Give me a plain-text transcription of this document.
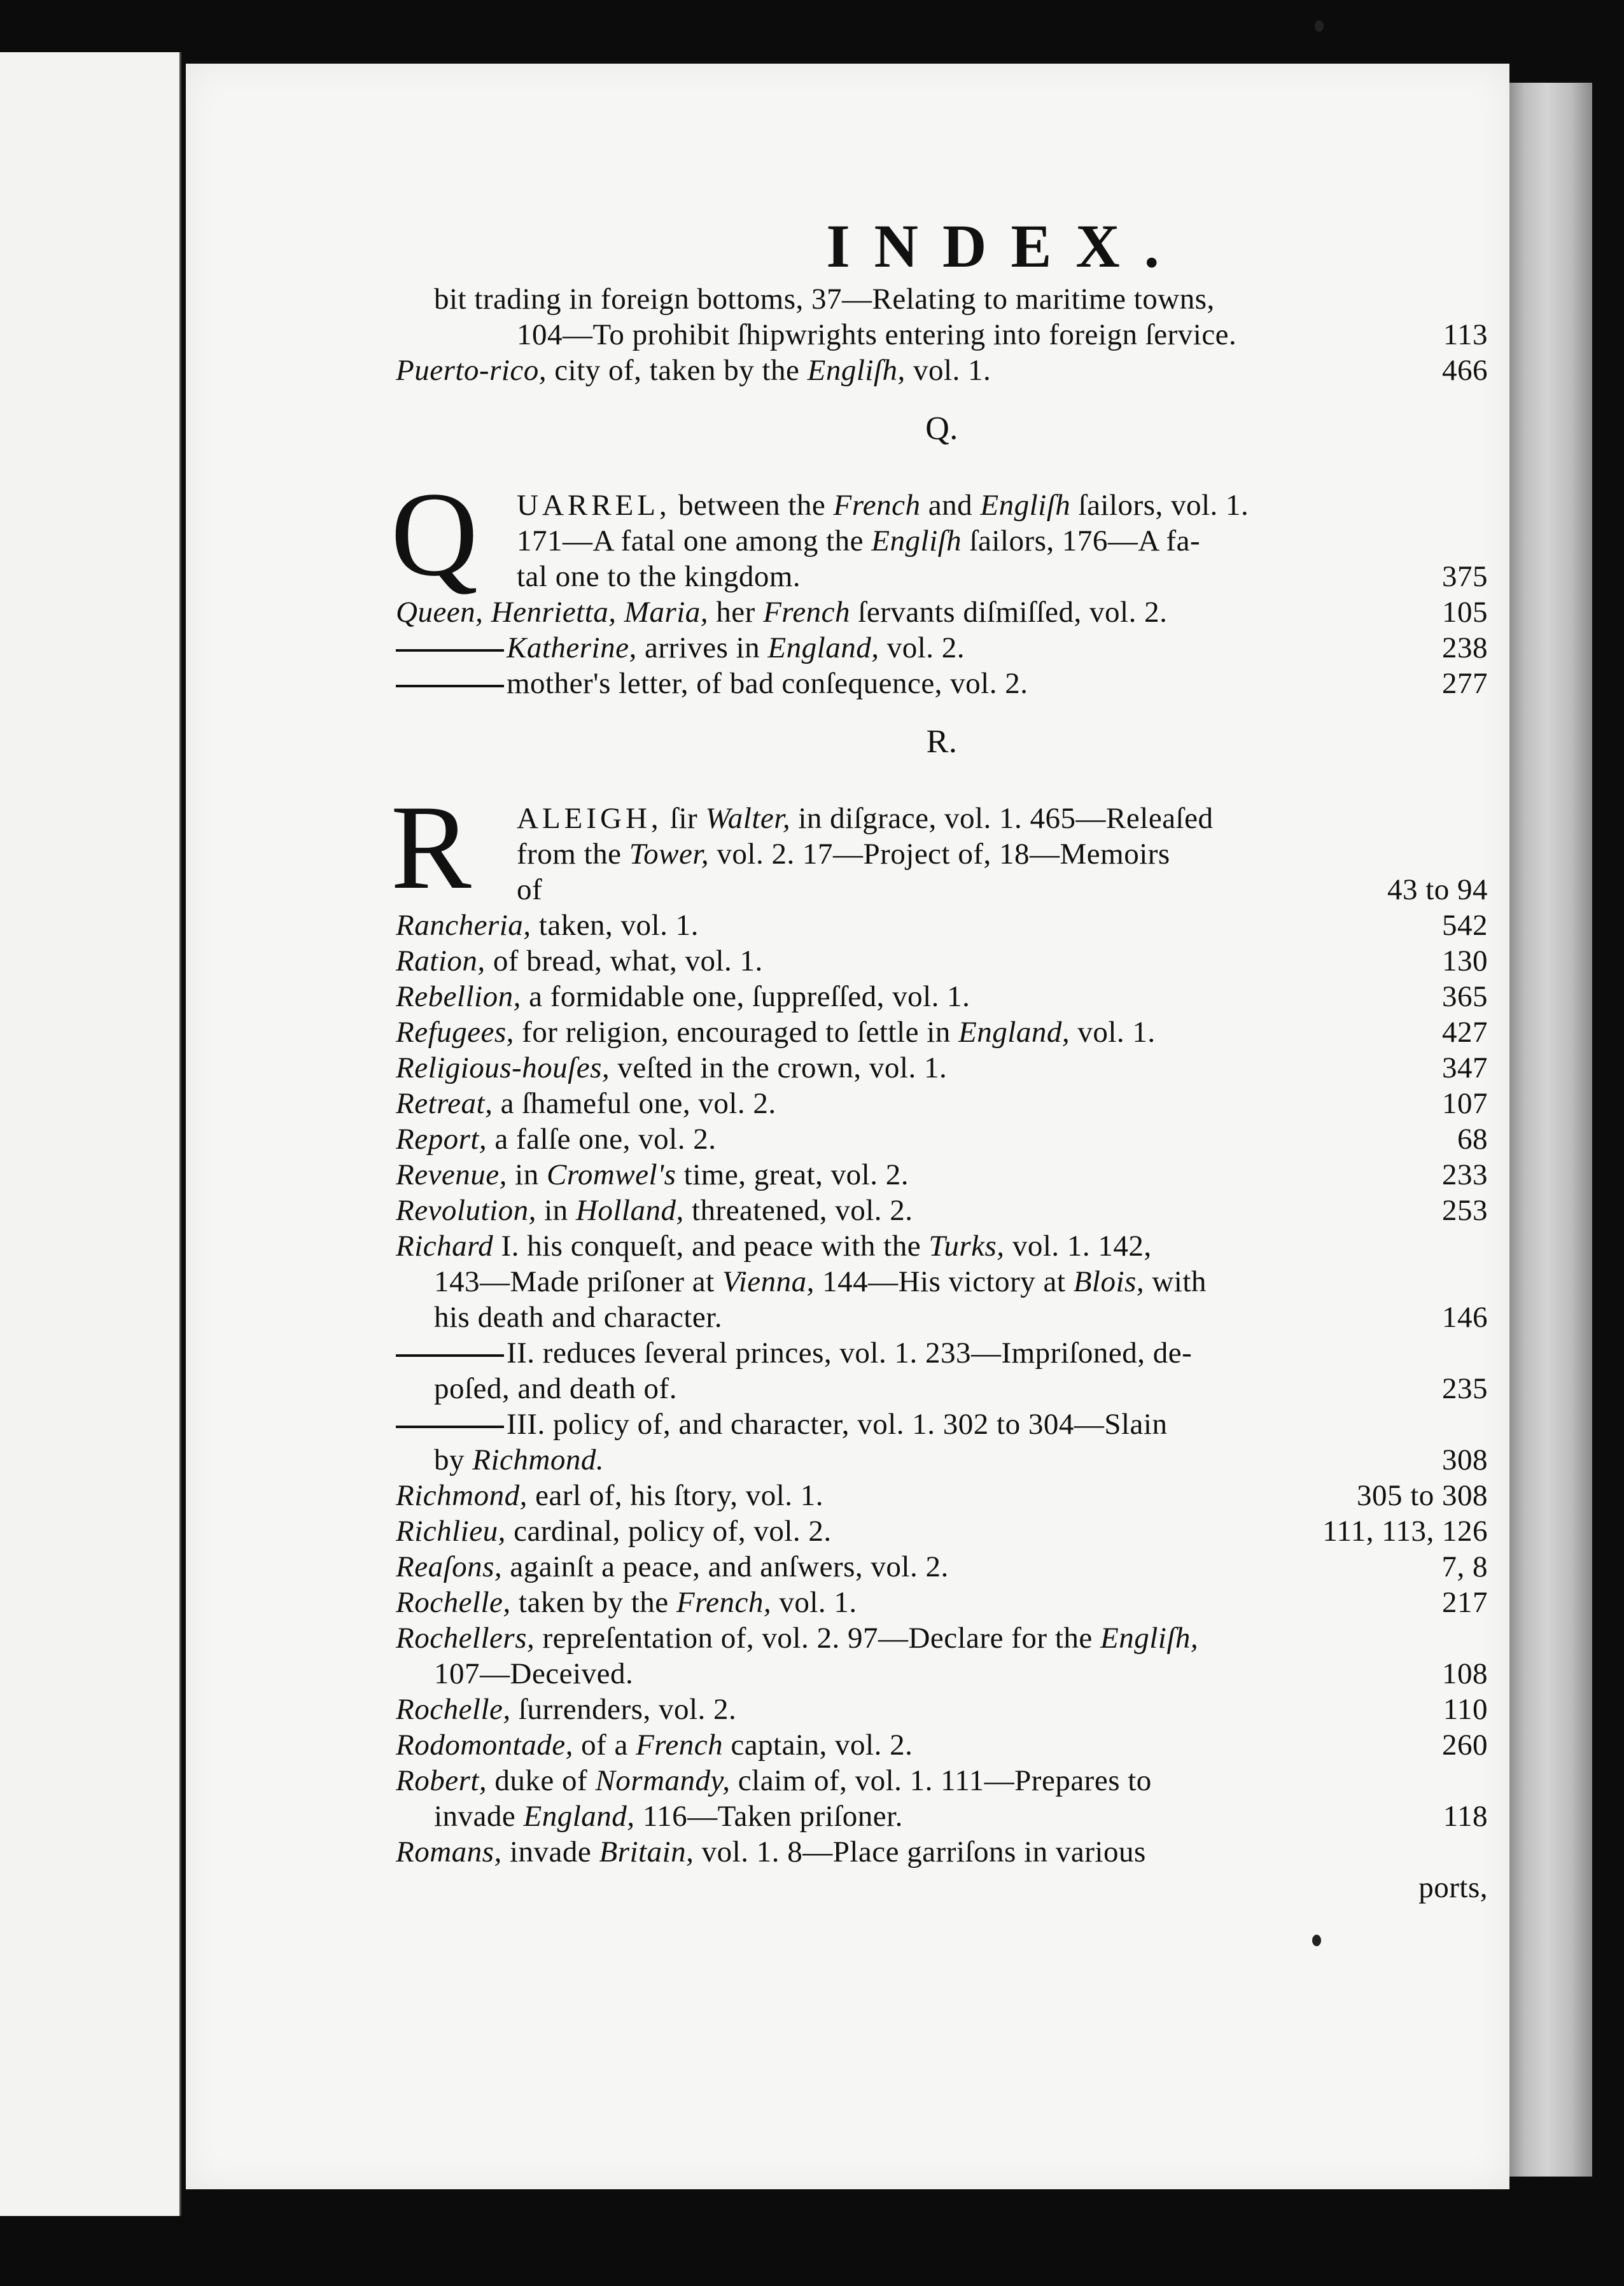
INDEX.
bit trading in foreign bottoms, 37—Relating to maritime towns,
104—To prohibit ſhipwrights entering into foreign ſervice.	113
Puerto-rico, city of, taken by the Engliſh, vol. 1.	466
Q.
Q UARREL, between the French and Engliſh ſailors, vol. 1.
171—A fatal one among the Engliſh ſailors, 176—A fa-
tal one to the kingdom.	375
Queen, Henrietta, Maria, her French ſervants diſmiſſed, vol. 2.	105
Katherine, arrives in England, vol. 2.	238
mother's letter, of bad conſequence, vol. 2.	277
R.
R ALEIGH, ſir Walter, in diſgrace, vol. 1. 465—Releaſed
from the Tower, vol. 2. 17—Project of, 18—Memoirs
of	43 to 94
Rancheria, taken, vol. 1.	542
Ration, of bread, what, vol. 1.	130
Rebellion, a formidable one, ſuppreſſed, vol. 1.	365
Refugees, for religion, encouraged to ſettle in England, vol. 1.	427
Religious-houſes, veſted in the crown, vol. 1.	347
Retreat, a ſhameful one, vol. 2.	107
Report, a falſe one, vol. 2.	68
Revenue, in Cromwel's time, great, vol. 2.	233
Revolution, in Holland, threatened, vol. 2.	253
Richard I. his conqueſt, and peace with the Turks, vol. 1. 142,
143—Made priſoner at Vienna, 144—His victory at Blois, with
his death and character.	146
II. reduces ſeveral princes, vol. 1. 233—Impriſoned, de-
poſed, and death of.	235
III. policy of, and character, vol. 1. 302 to 304—Slain
by Richmond.	308
Richmond, earl of, his ſtory, vol. 1.	305 to 308
Richlieu, cardinal, policy of, vol. 2.	111, 113, 126
Reaſons, againſt a peace, and anſwers, vol. 2.	7, 8
Rochelle, taken by the French, vol. 1.	217
Rochellers, repreſentation of, vol. 2. 97—Declare for the Engliſh,
107—Deceived.	108
Rochelle, ſurrenders, vol. 2.	110
Rodomontade, of a French captain, vol. 2.	260
Robert, duke of Normandy, claim of, vol. 1. 111—Prepares to
invade England, 116—Taken priſoner.	118
Romans, invade Britain, vol. 1. 8—Place garriſons in various
ports,
